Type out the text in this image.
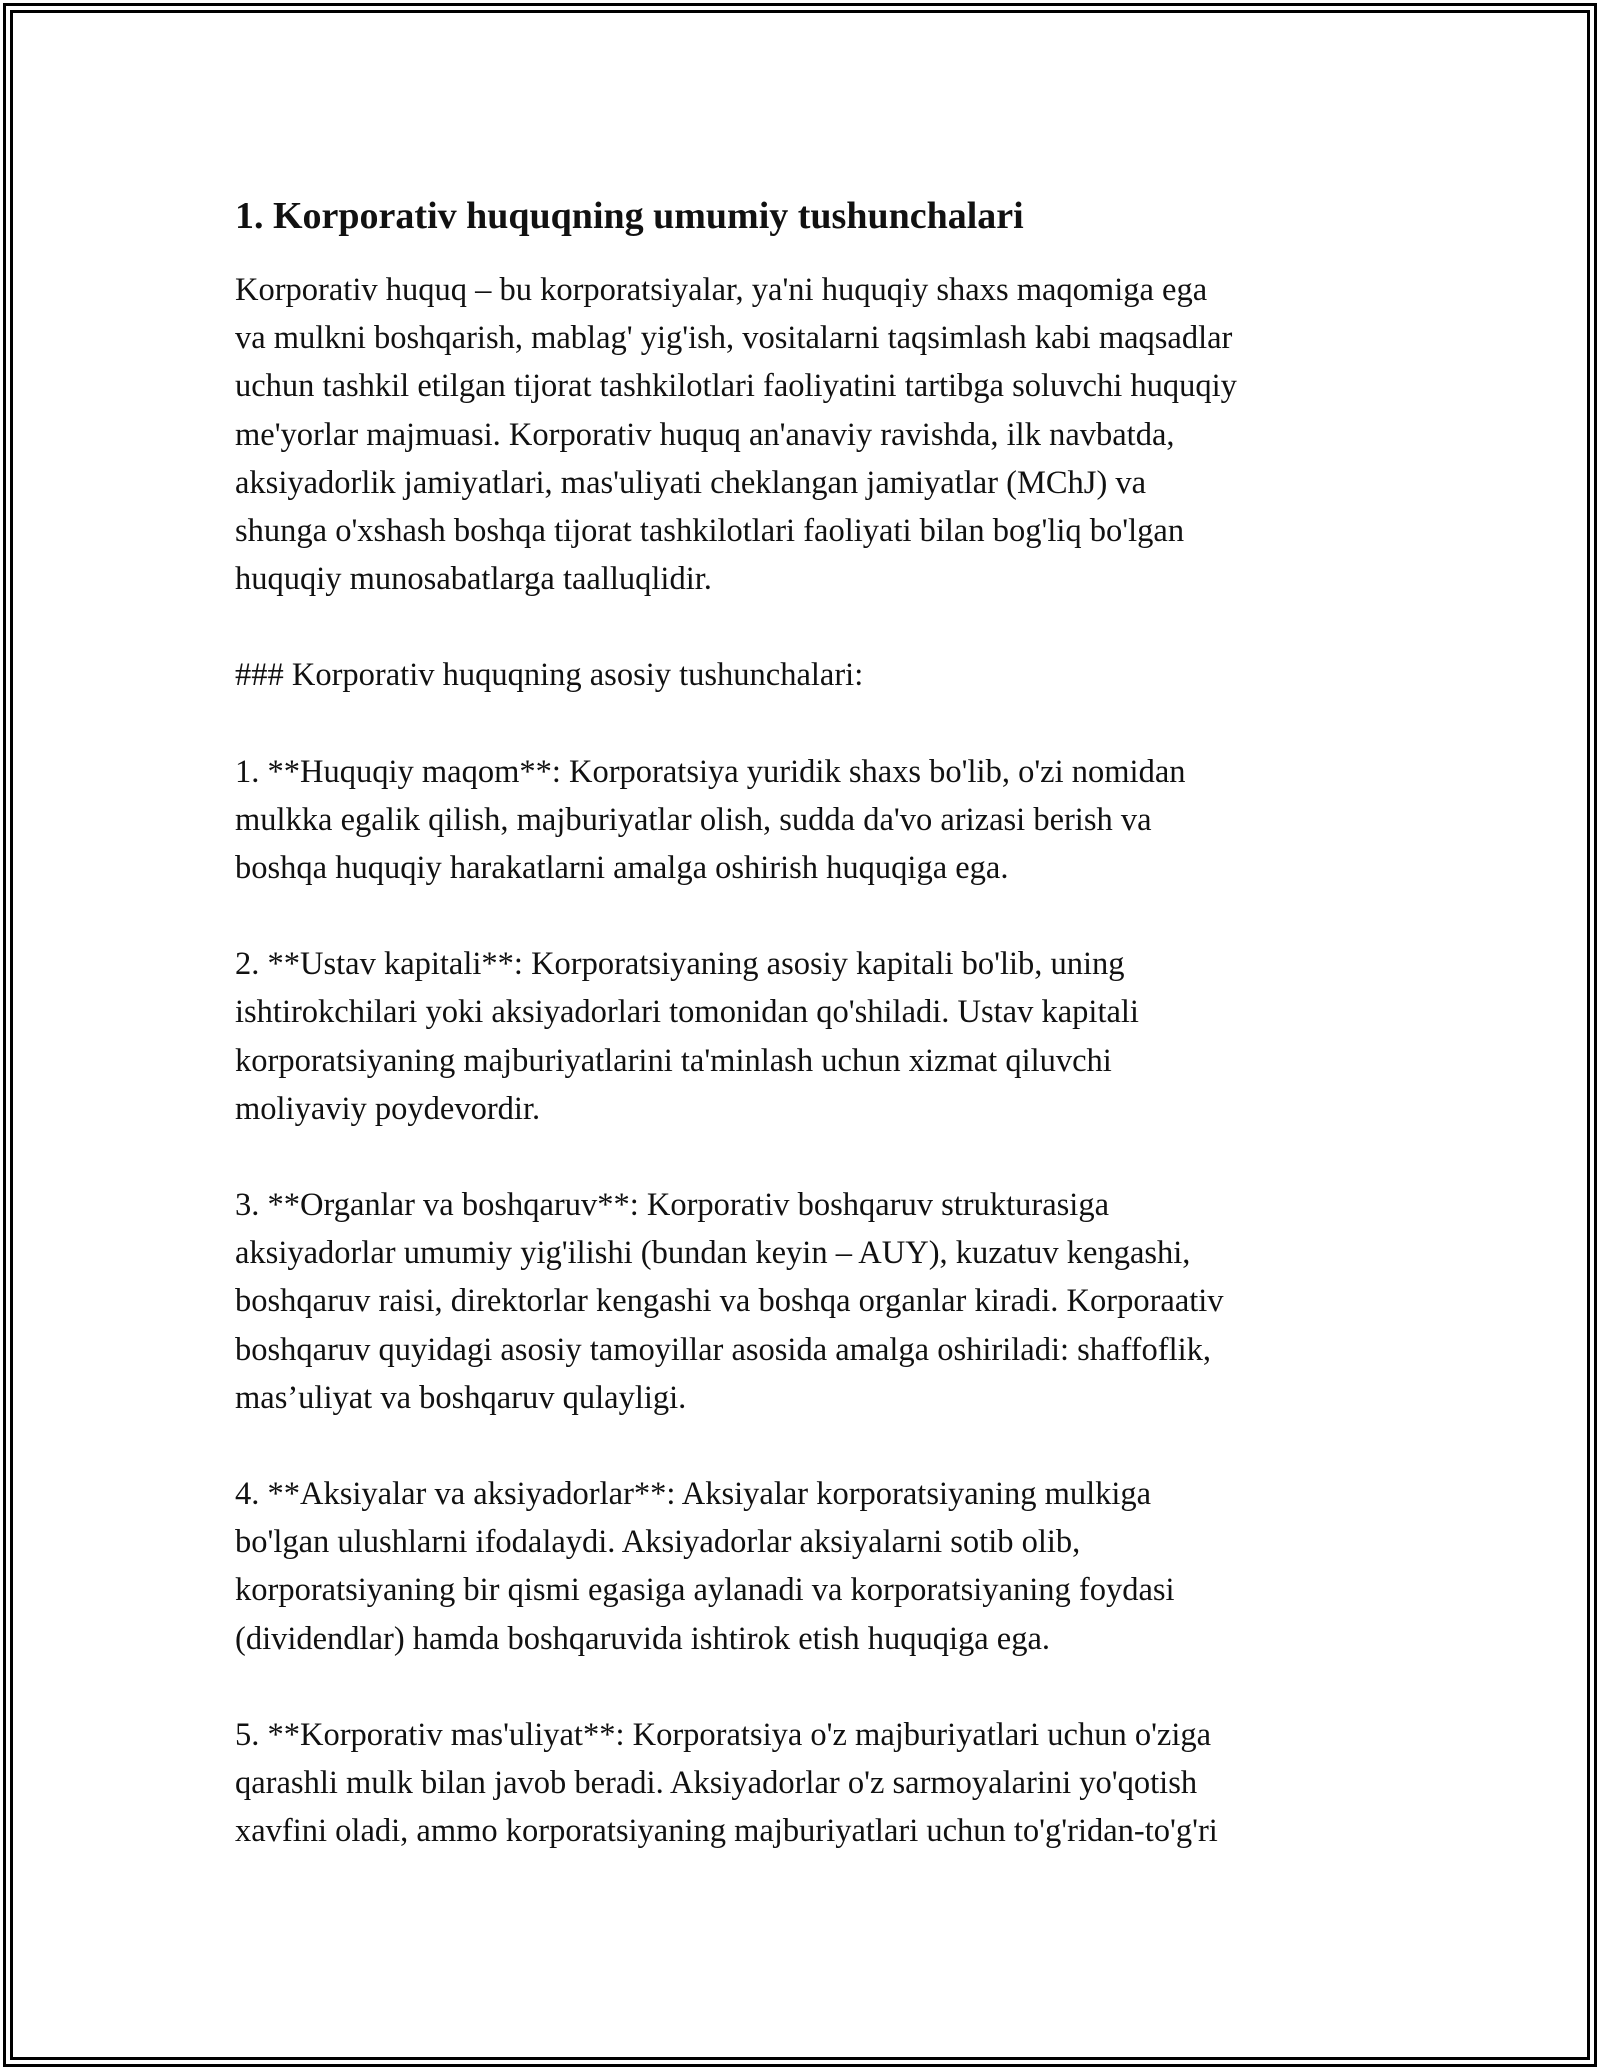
1. Korporativ huquqning umumiy tushunchalari

Korporativ huquq – bu korporatsiyalar, ya'ni huquqiy shaxs maqomiga ega
va mulkni boshqarish, mablag' yig'ish, vositalarni taqsimlash kabi maqsadlar
uchun tashkil etilgan tijorat tashkilotlari faoliyatini tartibga soluvchi huquqiy
me'yorlar majmuasi. Korporativ huquq an'anaviy ravishda, ilk navbatda,
aksiyadorlik jamiyatlari, mas'uliyati cheklangan jamiyatlar (MChJ) va
shunga o'xshash boshqa tijorat tashkilotlari faoliyati bilan bog'liq bo'lgan
huquqiy munosabatlarga taalluqlidir.

### Korporativ huquqning asosiy tushunchalari:

1. **Huquqiy maqom**: Korporatsiya yuridik shaxs bo'lib, o'zi nomidan
mulkka egalik qilish, majburiyatlar olish, sudda da'vo arizasi berish va
boshqa huquqiy harakatlarni amalga oshirish huquqiga ega.

2. **Ustav kapitali**: Korporatsiyaning asosiy kapitali bo'lib, uning
ishtirokchilari yoki aksiyadorlari tomonidan qo'shiladi. Ustav kapitali
korporatsiyaning majburiyatlarini ta'minlash uchun xizmat qiluvchi
moliyaviy poydevordir.

3. **Organlar va boshqaruv**: Korporativ boshqaruv strukturasiga
aksiyadorlar umumiy yig'ilishi (bundan keyin – AUY), kuzatuv kengashi,
boshqaruv raisi, direktorlar kengashi va boshqa organlar kiradi. Korporaativ
boshqaruv quyidagi asosiy tamoyillar asosida amalga oshiriladi: shaffoflik,
mas’uliyat va boshqaruv qulayligi.

4. **Aksiyalar va aksiyadorlar**: Aksiyalar korporatsiyaning mulkiga
bo'lgan ulushlarni ifodalaydi. Aksiyadorlar aksiyalarni sotib olib,
korporatsiyaning bir qismi egasiga aylanadi va korporatsiyaning foydasi
(dividendlar) hamda boshqaruvida ishtirok etish huquqiga ega.

5. **Korporativ mas'uliyat**: Korporatsiya o'z majburiyatlari uchun o'ziga
qarashli mulk bilan javob beradi. Aksiyadorlar o'z sarmoyalarini yo'qotish
xavfini oladi, ammo korporatsiyaning majburiyatlari uchun to'g'ridan-to'g'ri
